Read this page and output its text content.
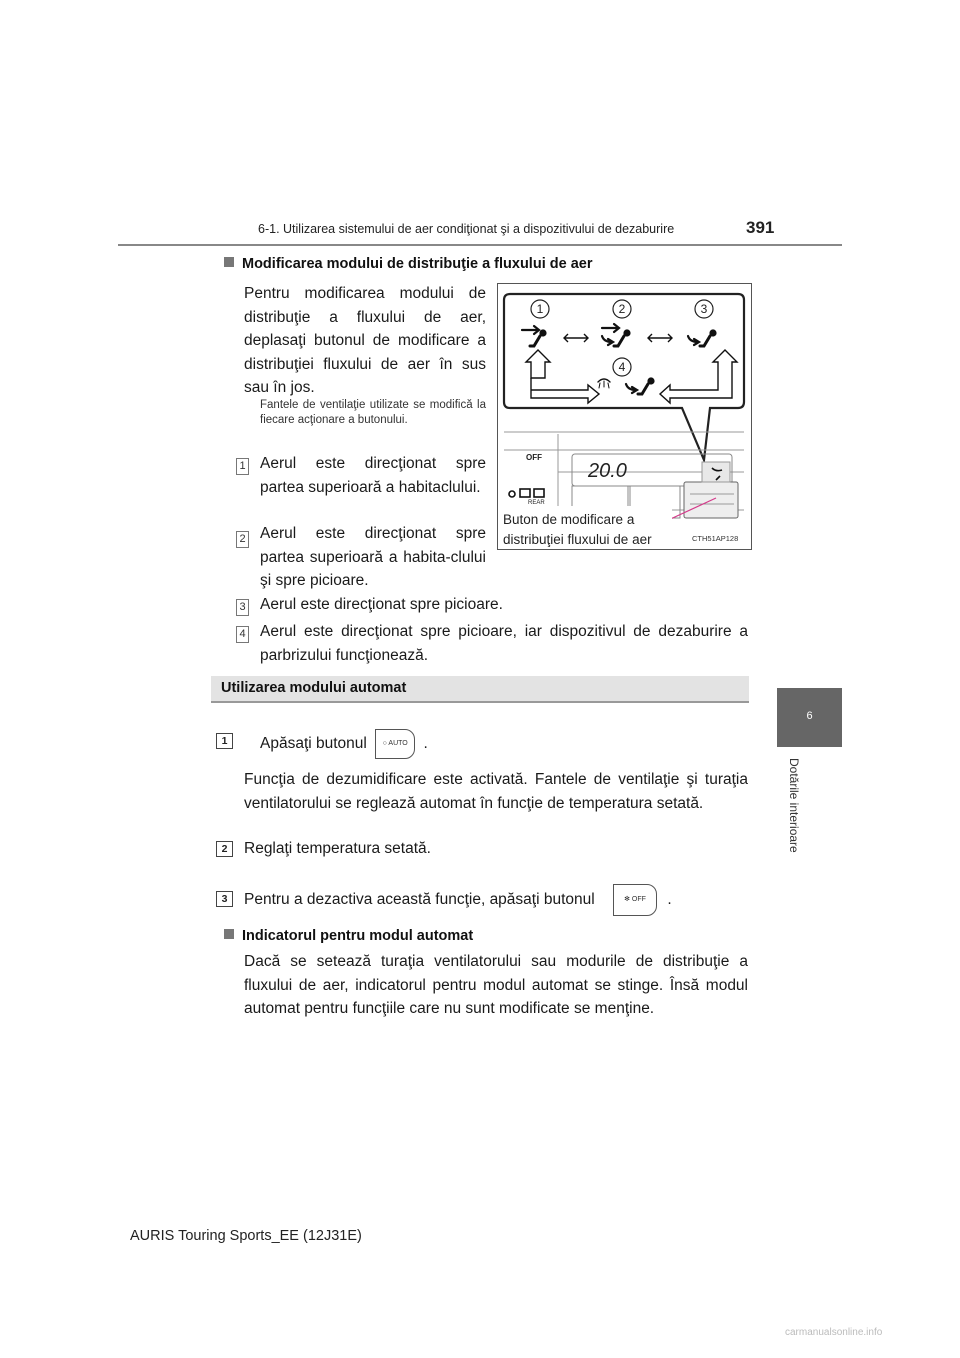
6-1. Utilizarea sistemului de aer condiţionat şi a dispozitivului de dezaburire	391
6
Dotările interioare
Modificarea modului de distribuţie a fluxului de aer
Pentru modificarea modului de distribuţie a fluxului de aer, deplasaţi butonul de modificare a distribuţiei fluxului de aer în sus sau în jos.
Fantele de ventilaţie utilizate se modifică la fiecare acţionare a butonului.
1 Aerul este direcţionat spre partea superioară a habitaclului.
2 Aerul este direcţionat spre partea superioară a habita-clului şi spre picioare.
3 Aerul este direcţionat spre picioare.
4 Aerul este direcţionat spre picioare, iar dispozitivul de dezaburire a parbrizului funcţionează.
1	2	3
4
OFF
20.0
REAR
Buton de modificare a
distribuţiei fluxului de aer	CTH51AP128
Utilizarea modului automat
1	Apăsaţi butonul ○ AUTO .
Funcţia de dezumidificare este activată. Fantele de ventilaţie şi turaţia ventilatorului se reglează automat în funcţie de temperatura setată.
2	Reglaţi temperatura setată.
3	Pentru a dezactiva această funcţie, apăsaţi butonul	✻ OFF .
Indicatorul pentru modul automat
Dacă se setează turaţia ventilatorului sau modurile de distribuţie a fluxului de aer, indicatorul pentru modul automat se stinge. Însă modul automat pentru funcţiile care nu sunt modificate se menţine.
AURIS Touring Sports_EE (12J31E)
carmanualsonline.info
